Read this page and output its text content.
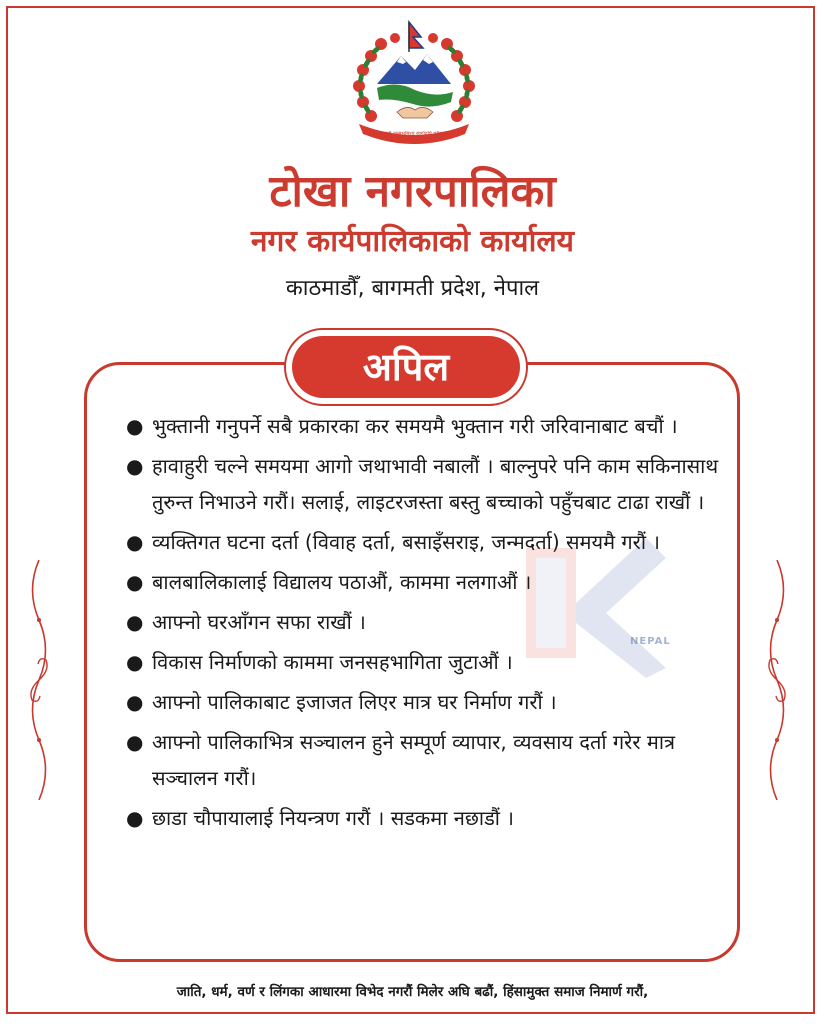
जननी जन्मभूमिश्च स्वर्गादपि गरीयसी
टोखा नगरपालिका
नगर कार्यपालिकाको कार्यालय
काठमाडौँ, बागमती प्रदेश, नेपाल
NEPAL
अपिल
● भुक्तानी गनुपर्ने सबै प्रकारका कर समयमै भुक्तान गरी जरिवानाबाट बचौं ।
● हावाहुरी चल्ने समयमा आगो जथाभावी नबालौं । बाल्नुपरे पनि काम सकिनासाथ तुरुन्त निभाउने गरौं। सलाई, लाइटरजस्ता बस्तु बच्चाको पहुँचबाट टाढा राखौं ।
● व्यक्तिगत घटना दर्ता (विवाह दर्ता, बसाइँसराइ, जन्मदर्ता) समयमै गरौं ।
● बालबालिकालाई विद्यालय पठाऔं, काममा नलगाऔं ।
● आफ्नो घरआँगन सफा राखौं ।
● विकास निर्माणको काममा जनसहभागिता जुटाऔं ।
● आफ्नो पालिकाबाट इजाजत लिएर मात्र घर निर्माण गरौं ।
● आफ्नो पालिकाभित्र सञ्चालन हुने सम्पूर्ण व्यापार, व्यवसाय दर्ता गरेर मात्र सञ्चालन गरौं।
● छाडा चौपायालाई नियन्त्रण गरौं । सडकमा नछाडौं ।
जाति, धर्म, वर्ण र लिंगका आधारमा विभेद नगरौं मिलेर अघि बढौं, हिंसामुक्त समाज निमार्ण गरौं,
